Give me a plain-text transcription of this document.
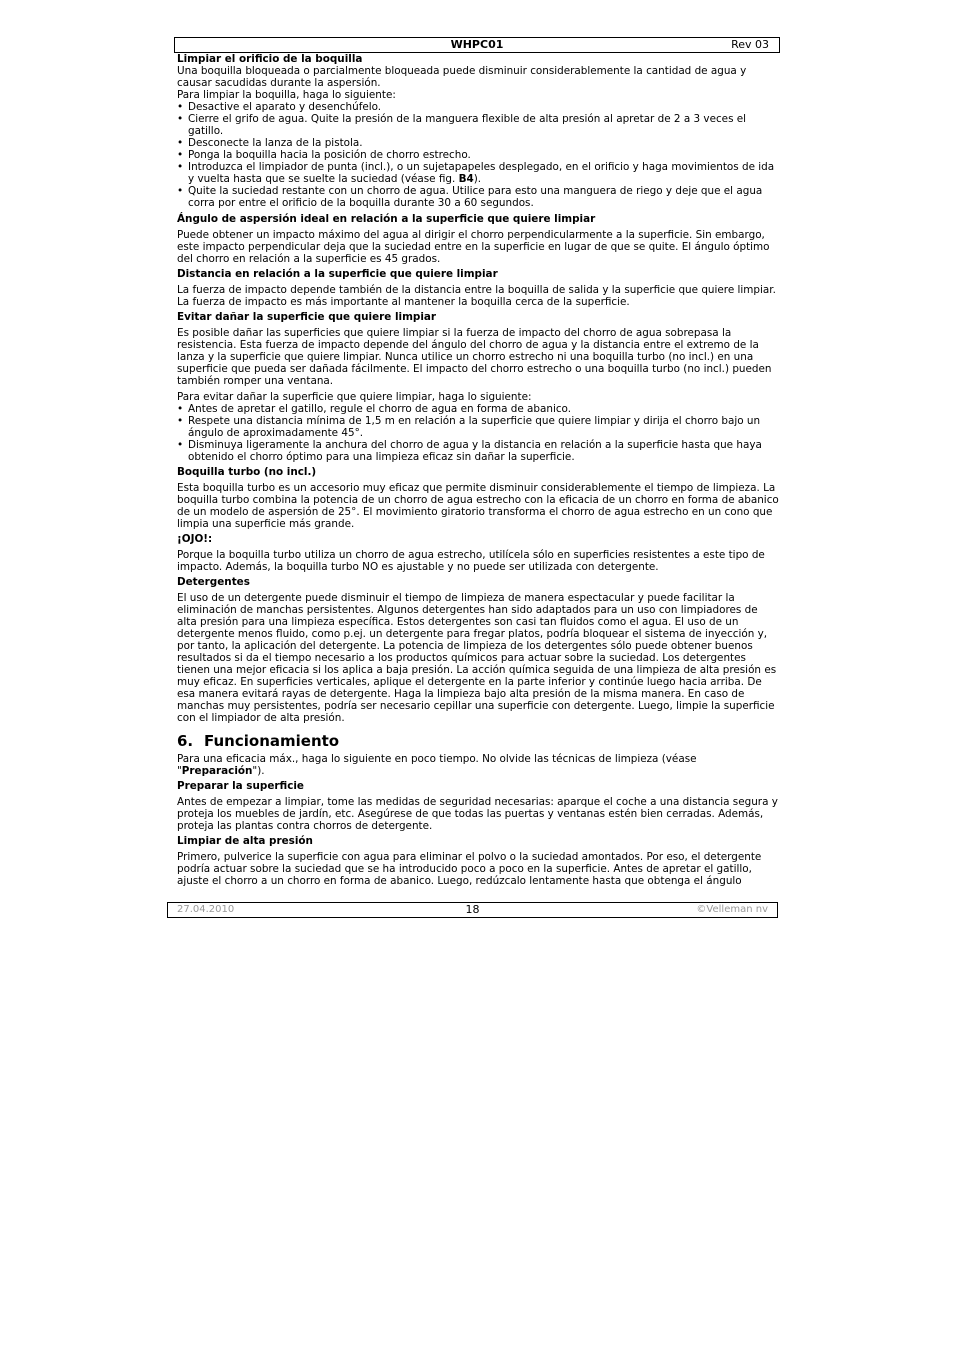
WHPC01	Rev 03

Limpiar el orificio de la boquilla

Una boquilla bloqueada o parcialmente bloqueada puede disminuir considerablemente la cantidad de agua y causar sacudidas durante la aspersión.

Para limpiar la boquilla, haga lo siguiente:

• Desactive el aparato y desenchúfelo.
• Cierre el grifo de agua. Quite la presión de la manguera flexible de alta presión al apretar de 2 a 3 veces el gatillo.
• Desconecte la lanza de la pistola.
• Ponga la boquilla hacia la posición de chorro estrecho.
• Introduzca el limpiador de punta (incl.), o un sujetapapeles desplegado, en el orificio y haga movimientos de ida y vuelta hasta que se suelte la suciedad (véase fig. B4).
• Quite la suciedad restante con un chorro de agua. Utilice para esto una manguera de riego y deje que el agua corra por entre el orificio de la boquilla durante 30 a 60 segundos.

Ángulo de aspersión ideal en relación a la superficie que quiere limpiar

Puede obtener un impacto máximo del agua al dirigir el chorro perpendicularmente a la superficie. Sin embargo, este impacto perpendicular deja que la suciedad entre en la superficie en lugar de que se quite. El ángulo óptimo del chorro en relación a la superficie es 45 grados.

Distancia en relación a la superficie que quiere limpiar

La fuerza de impacto depende también de la distancia entre la boquilla de salida y la superficie que quiere limpiar. La fuerza de impacto es más importante al mantener la boquilla cerca de la superficie.

Evitar dañar la superficie que quiere limpiar

Es posible dañar las superficies que quiere limpiar si la fuerza de impacto del chorro de agua sobrepasa la resistencia. Esta fuerza de impacto depende del ángulo del chorro de agua y la distancia entre el extremo de la lanza y la superficie que quiere limpiar. Nunca utilice un chorro estrecho ni una boquilla turbo (no incl.) en una superficie que pueda ser dañada fácilmente. El impacto del chorro estrecho o una boquilla turbo (no incl.) pueden también romper una ventana.

Para evitar dañar la superficie que quiere limpiar, haga lo siguiente:

• Antes de apretar el gatillo, regule el chorro de agua en forma de abanico.
• Respete una distancia mínima de 1,5 m en relación a la superficie que quiere limpiar y dirija el chorro bajo un ángulo de aproximadamente 45°.
• Disminuya ligeramente la anchura del chorro de agua y la distancia en relación a la superficie hasta que haya obtenido el chorro óptimo para una limpieza eficaz sin dañar la superficie.

Boquilla turbo (no incl.)

Esta boquilla turbo es un accesorio muy eficaz que permite disminuir considerablemente el tiempo de limpieza. La boquilla turbo combina la potencia de un chorro de agua estrecho con la eficacia de un chorro en forma de abanico de un modelo de aspersión de 25°. El movimiento giratorio transforma el chorro de agua estrecho en un cono que limpia una superficie más grande.

¡OJO!:

Porque la boquilla turbo utiliza un chorro de agua estrecho, utilícela sólo en superficies resistentes a este tipo de impacto. Además, la boquilla turbo NO es ajustable y no puede ser utilizada con detergente.

Detergentes

El uso de un detergente puede disminuir el tiempo de limpieza de manera espectacular y puede facilitar la eliminación de manchas persistentes. Algunos detergentes han sido adaptados para un uso con limpiadores de alta presión para una limpieza específica. Estos detergentes son casi tan fluidos como el agua. El uso de un detergente menos fluido, como p.ej. un detergente para fregar platos, podría bloquear el sistema de inyección y, por tanto, la aplicación del detergente. La potencia de limpieza de los detergentes sólo puede obtener buenos resultados si da el tiempo necesario a los productos químicos para actuar sobre la suciedad. Los detergentes tienen una mejor eficacia si los aplica a baja presión. La acción química seguida de una limpieza de alta presión es muy eficaz. En superficies verticales, aplique el detergente en la parte inferior y continúe luego hacia arriba. De esa manera evitará rayas de detergente. Haga la limpieza bajo alta presión de la misma manera. En caso de manchas muy persistentes, podría ser necesario cepillar una superficie con detergente. Luego, limpie la superficie con el limpiador de alta presión.

6. Funcionamiento

Para una eficacia máx., haga lo siguiente en poco tiempo. No olvide las técnicas de limpieza (véase "Preparación").

Preparar la superficie

Antes de empezar a limpiar, tome las medidas de seguridad necesarias: aparque el coche a una distancia segura y proteja los muebles de jardín, etc. Asegúrese de que todas las puertas y ventanas estén bien cerradas. Además, proteja las plantas contra chorros de detergente.

Limpiar de alta presión

Primero, pulverice la superficie con agua para eliminar el polvo o la suciedad amontados. Por eso, el detergente podría actuar sobre la suciedad que se ha introducido poco a poco en la superficie. Antes de apretar el gatillo, ajuste el chorro a un chorro en forma de abanico. Luego, redúzcalo lentamente hasta que obtenga el ángulo

27.04.2010	18	©Velleman nv
